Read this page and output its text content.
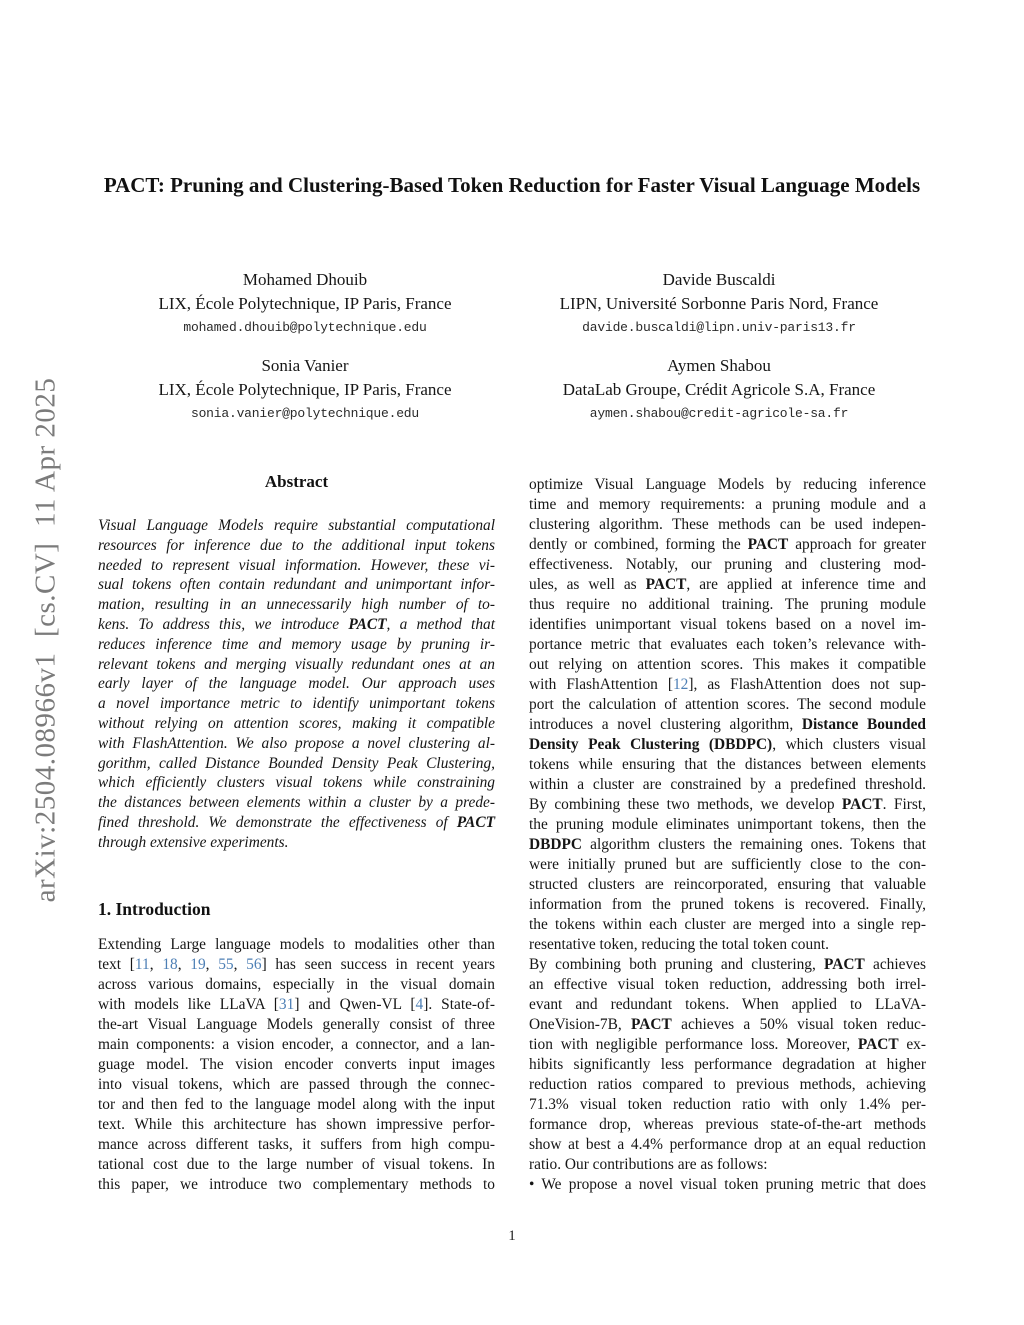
arXiv:2504.08966v1  [cs.CV]  11 Apr 2025
PACT: Pruning and Clustering-Based Token Reduction for Faster Visual Language Models
Mohamed Dhouib
LIX, École Polytechnique, IP Paris, France
mohamed.dhouib@polytechnique.edu
Davide Buscaldi
LIPN, Université Sorbonne Paris Nord, France
davide.buscaldi@lipn.univ-paris13.fr
Sonia Vanier
LIX, École Polytechnique, IP Paris, France
sonia.vanier@polytechnique.edu
Aymen Shabou
DataLab Groupe, Crédit Agricole S.A, France
aymen.shabou@credit-agricole-sa.fr
Abstract
Visual Language Models require substantial computational
resources for inference due to the additional input tokens
needed to represent visual information. However, these vi-
sual tokens often contain redundant and unimportant infor-
mation, resulting in an unnecessarily high number of to-
kens. To address this, we introduce PACT, a method that
reduces inference time and memory usage by pruning ir-
relevant tokens and merging visually redundant ones at an
early layer of the language model. Our approach uses
a novel importance metric to identify unimportant tokens
without relying on attention scores, making it compatible
with FlashAttention. We also propose a novel clustering al-
gorithm, called Distance Bounded Density Peak Clustering,
which efficiently clusters visual tokens while constraining
the distances between elements within a cluster by a prede-
fined threshold. We demonstrate the effectiveness of PACT
through extensive experiments.
1. Introduction
Extending Large language models to modalities other than
text [11, 18, 19, 55, 56] has seen success in recent years
across various domains, especially in the visual domain
with models like LLaVA [31] and Qwen-VL [4]. State-of-
the-art Visual Language Models generally consist of three
main components: a vision encoder, a connector, and a lan-
guage model. The vision encoder converts input images
into visual tokens, which are passed through the connec-
tor and then fed to the language model along with the input
text. While this architecture has shown impressive perfor-
mance across different tasks, it suffers from high compu-
tational cost due to the large number of visual tokens. In
this paper, we introduce two complementary methods to
optimize Visual Language Models by reducing inference
time and memory requirements: a pruning module and a
clustering algorithm. These methods can be used indepen-
dently or combined, forming the PACT approach for greater
effectiveness. Notably, our pruning and clustering mod-
ules, as well as PACT, are applied at inference time and
thus require no additional training. The pruning module
identifies unimportant visual tokens based on a novel im-
portance metric that evaluates each token’s relevance with-
out relying on attention scores. This makes it compatible
with FlashAttention [12], as FlashAttention does not sup-
port the calculation of attention scores. The second module
introduces a novel clustering algorithm, Distance Bounded
Density Peak Clustering (DBDPC), which clusters visual
tokens while ensuring that the distances between elements
within a cluster are constrained by a predefined threshold.
By combining these two methods, we develop PACT. First,
the pruning module eliminates unimportant tokens, then the
DBDPC algorithm clusters the remaining ones. Tokens that
were initially pruned but are sufficiently close to the con-
structed clusters are reincorporated, ensuring that valuable
information from the pruned tokens is recovered. Finally,
the tokens within each cluster are merged into a single rep-
resentative token, reducing the total token count.
By combining both pruning and clustering, PACT achieves
an effective visual token reduction, addressing both irrel-
evant and redundant tokens. When applied to LLaVA-
OneVision-7B, PACT achieves a 50% visual token reduc-
tion with negligible performance loss. Moreover, PACT ex-
hibits significantly less performance degradation at higher
reduction ratios compared to previous methods, achieving
71.3% visual token reduction ratio with only 1.4% per-
formance drop, whereas previous state-of-the-art methods
show at best a 4.4% performance drop at an equal reduction
ratio. Our contributions are as follows:
• We propose a novel visual token pruning metric that does
1
